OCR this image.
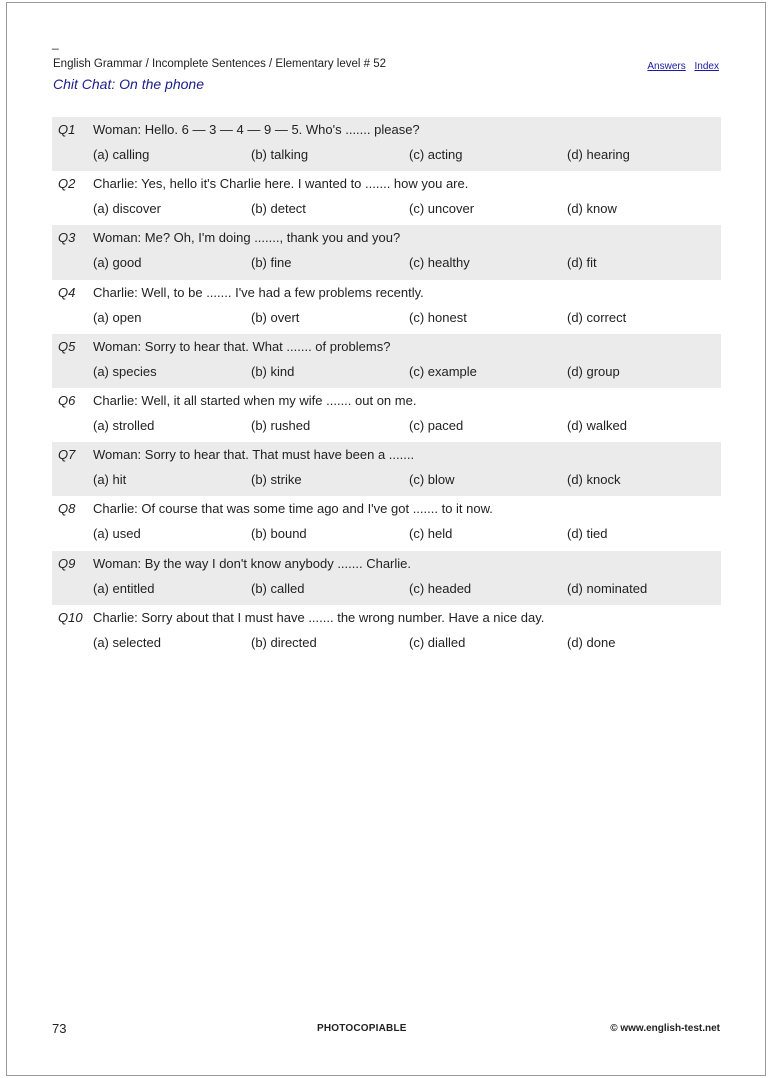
_
English Grammar / Incomplete Sentences / Elementary level # 52	Answers Index
Chit Chat: On the phone
Q1 Woman: Hello. 6 — 3 — 4 — 9 — 5. Who's ....... please?
(a) calling	(b) talking	(c) acting	(d) hearing
Q2 Charlie: Yes, hello it's Charlie here. I wanted to ....... how you are.
(a) discover	(b) detect	(c) uncover	(d) know
Q3 Woman: Me? Oh, I'm doing ......., thank you and you?
(a) good	(b) fine	(c) healthy	(d) fit
Q4 Charlie: Well, to be ....... I've had a few problems recently.
(a) open	(b) overt	(c) honest	(d) correct
Q5 Woman: Sorry to hear that. What ....... of problems?
(a) species	(b) kind	(c) example	(d) group
Q6 Charlie: Well, it all started when my wife ....... out on me.
(a) strolled	(b) rushed	(c) paced	(d) walked
Q7 Woman: Sorry to hear that. That must have been a .......
(a) hit	(b) strike	(c) blow	(d) knock
Q8 Charlie: Of course that was some time ago and I've got ....... to it now.
(a) used	(b) bound	(c) held	(d) tied
Q9 Woman: By the way I don't know anybody ....... Charlie.
(a) entitled	(b) called	(c) headed	(d) nominated
Q10 Charlie: Sorry about that I must have ....... the wrong number. Have a nice day.
(a) selected	(b) directed	(c) dialled	(d) done
73	PHOTOCOPIABLE	© www.english-test.net
